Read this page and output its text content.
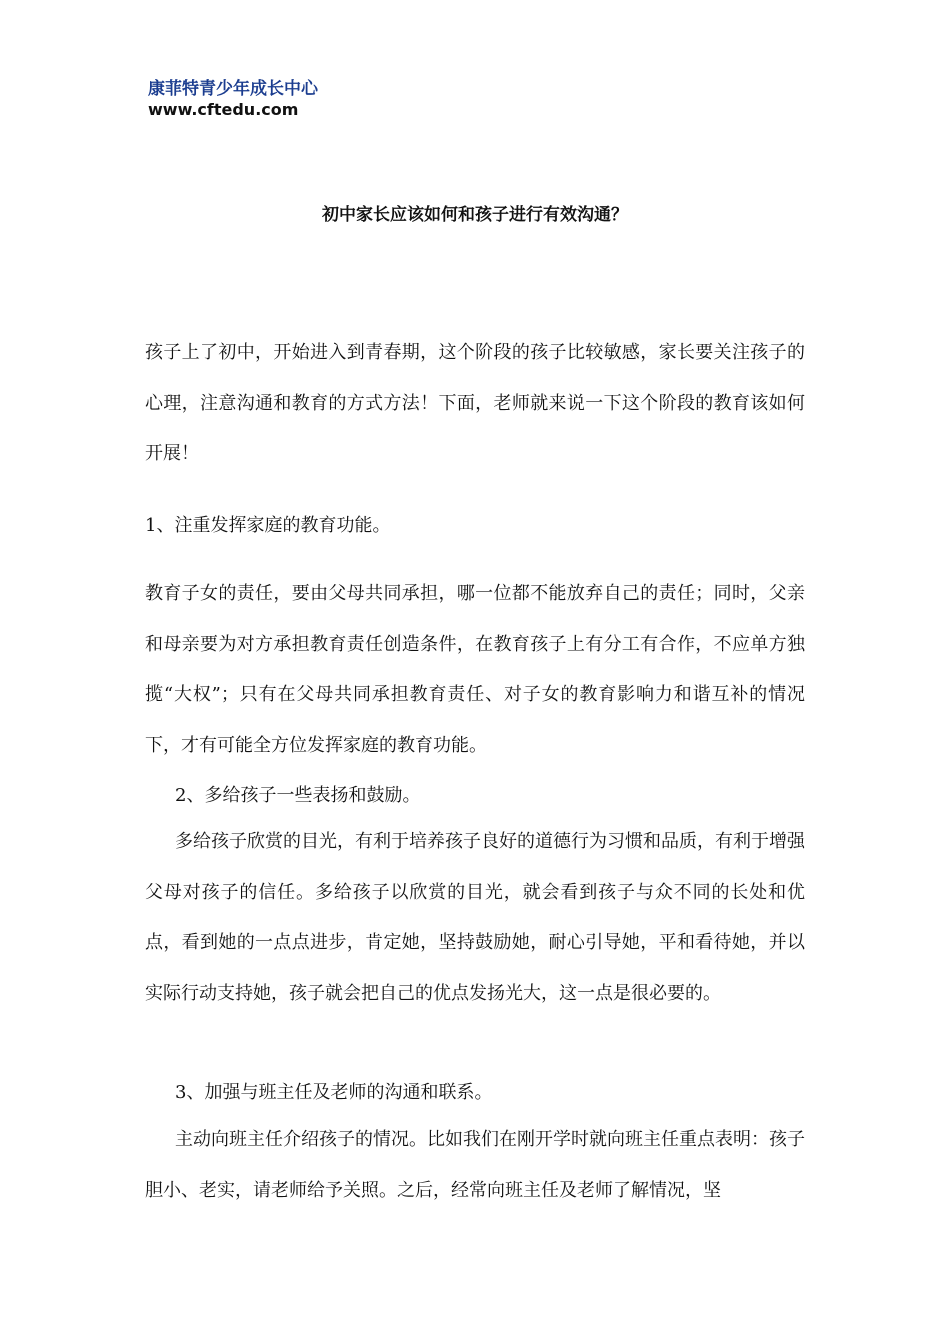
康菲特青少年成长中心
www.cftedu.com
初中家长应该如何和孩子进行有效沟通？

孩子上了初中，开始进入到青春期，这个阶段的孩子比较敏感，家长要关注孩子的心理，注意沟通和教育的方式方法！下面，老师就来说一下这个阶段的教育该如何开展！

1、注重发挥家庭的教育功能。

教育子女的责任，要由父母共同承担，哪一位都不能放弃自己的责任；同时，父亲和母亲要为对方承担教育责任创造条件，在教育孩子上有分工有合作，不应单方独揽“大权”；只有在父母共同承担教育责任、对子女的教育影响力和谐互补的情况下，才有可能全方位发挥家庭的教育功能。

2、多给孩子一些表扬和鼓励。

多给孩子欣赏的目光，有利于培养孩子良好的道德行为习惯和品质，有利于增强父母对孩子的信任。多给孩子以欣赏的目光，就会看到孩子与众不同的长处和优点，看到她的一点点进步，肯定她，坚持鼓励她，耐心引导她，平和看待她，并以实际行动支持她，孩子就会把自己的优点发扬光大，这一点是很必要的。

3、加强与班主任及老师的沟通和联系。

主动向班主任介绍孩子的情况。比如我们在刚开学时就向班主任重点表明：孩子胆小、老实，请老师给予关照。之后，经常向班主任及老师了解情况，坚
